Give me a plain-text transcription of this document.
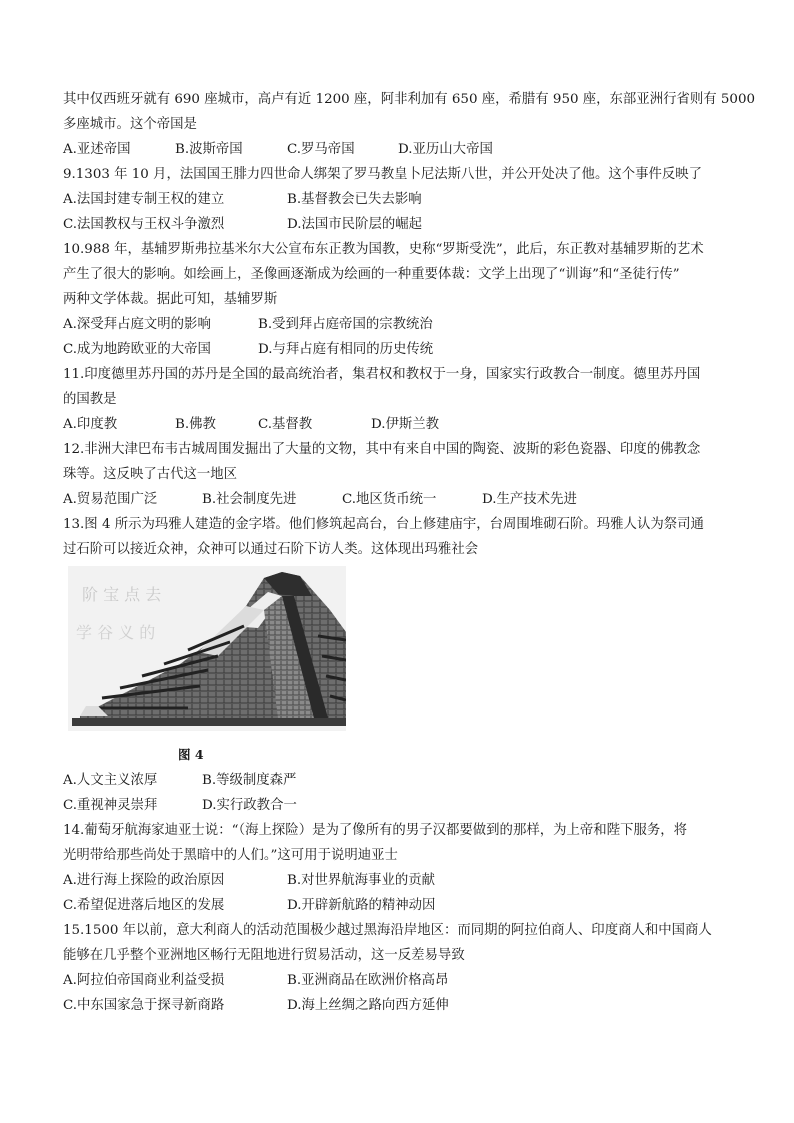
其中仅西班牙就有 690 座城市，高卢有近 1200 座，阿非利加有 650 座，希腊有 950 座，东部亚洲行省则有 5000
多座城市。这个帝国是
A.亚述帝国	B.波斯帝国	C.罗马帝国	D.亚历山大帝国
9.1303 年 10 月，法国国王腓力四世命人绑架了罗马教皇卜尼法斯八世，并公开处决了他。这个事件反映了
A.法国封建专制王权的建立	B.基督教会已失去影响
C.法国教权与王权斗争激烈	D.法国市民阶层的崛起
10.988 年，基辅罗斯弗拉基米尔大公宣布东正教为国教，史称“罗斯受洗”，此后，东正教对基辅罗斯的艺术
产生了很大的影响。如绘画上，圣像画逐渐成为绘画的一种重要体裁：文学上出现了“训诲”和“圣徒行传”
两种文学体裁。据此可知，基辅罗斯
A.深受拜占庭文明的影响	B.受到拜占庭帝国的宗教统治
C.成为地跨欧亚的大帝国	D.与拜占庭有相同的历史传统
11.印度德里苏丹国的苏丹是全国的最高统治者，集君权和教权于一身，国家实行政教合一制度。德里苏丹国
的国教是
A.印度教	B.佛教	C.基督教	D.伊斯兰教
12.非洲大津巴布韦古城周围发掘出了大量的文物，其中有来自中国的陶瓷、波斯的彩色瓷器、印度的佛教念
珠等。这反映了古代这一地区
A.贸易范围广泛	B.社会制度先进	C.地区货币统一	D.生产技术先进
13.图 4 所示为玛雅人建造的金字塔。他们修筑起高台，台上修建庙宇，台周围堆砌石阶。玛雅人认为祭司通
过石阶可以接近众神，众神可以通过石阶下访人类。这体现出玛雅社会
阶 宝 点 去
学 谷 义 的
图 4
A.人文主义浓厚	B.等级制度森严
C.重视神灵崇拜	D.实行政教合一
14.葡萄牙航海家迪亚士说：“（海上探险）是为了像所有的男子汉都要做到的那样，为上帝和陛下服务，将
光明带给那些尚处于黑暗中的人们。”这可用于说明迪亚士
A.进行海上探险的政治原因	B.对世界航海事业的贡献
C.希望促进落后地区的发展	D.开辟新航路的精神动因
15.1500 年以前，意大利商人的活动范围极少越过黑海沿岸地区：而同期的阿拉伯商人、印度商人和中国商人
能够在几乎整个亚洲地区畅行无阻地进行贸易活动，这一反差易导致
A.阿拉伯帝国商业利益受损	B.亚洲商品在欧洲价格高昂
C.中东国家急于探寻新商路	D.海上丝绸之路向西方延伸
